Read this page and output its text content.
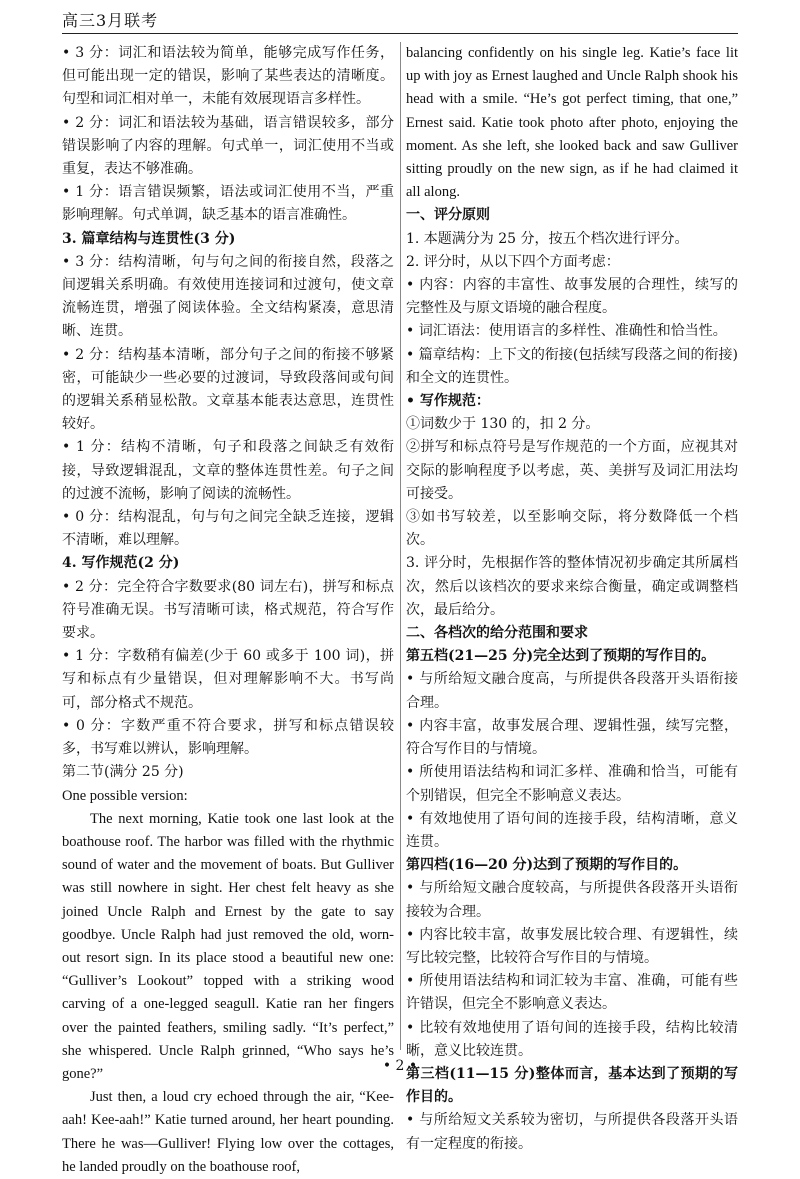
高三3月联考

• 3 分：词汇和语法较为简单，能够完成写作任务，但可能出现一定的错误，影响了某些表达的清晰度。句型和词汇相对单一，未能有效展现语言多样性。

• 2 分：词汇和语法较为基础，语言错误较多，部分错误影响了内容的理解。句式单一，词汇使用不当或重复，表达不够准确。

• 1 分：语言错误频繁，语法或词汇使用不当，严重影响理解。句式单调，缺乏基本的语言准确性。

3. 篇章结构与连贯性(3 分)

• 3 分：结构清晰，句与句之间的衔接自然，段落之间逻辑关系明确。有效使用连接词和过渡句，使文章流畅连贯，增强了阅读体验。全文结构紧凑，意思清晰、连贯。

• 2 分：结构基本清晰，部分句子之间的衔接不够紧密，可能缺少一些必要的过渡词，导致段落间或句间的逻辑关系稍显松散。文章基本能表达意思，连贯性较好。

• 1 分：结构不清晰，句子和段落之间缺乏有效衔接，导致逻辑混乱，文章的整体连贯性差。句子之间的过渡不流畅，影响了阅读的流畅性。

• 0 分：结构混乱，句与句之间完全缺乏连接，逻辑不清晰，难以理解。

4. 写作规范(2 分)

• 2 分：完全符合字数要求(80 词左右)，拼写和标点符号准确无误。书写清晰可读，格式规范，符合写作要求。

• 1 分：字数稍有偏差(少于 60 或多于 100 词)，拼写和标点有少量错误，但对理解影响不大。书写尚可，部分格式不规范。

• 0 分：字数严重不符合要求，拼写和标点错误较多，书写难以辨认，影响理解。

第二节(满分 25 分)

One possible version:

The next morning, Katie took one last look at the boathouse roof. The harbor was filled with the rhythmic sound of water and the movement of boats. But Gulliver was still nowhere in sight. Her chest felt heavy as she joined Uncle Ralph and Ernest by the gate to say goodbye. Uncle Ralph had just removed the old, worn-out resort sign. In its place stood a beautiful new one: “Gulliver’s Lookout” topped with a striking wood carving of a one-legged seagull. Katie ran her fingers over the painted feathers, smiling sadly. “It’s perfect,” she whispered. Uncle Ralph grinned, “Who says he’s gone?”

Just then, a loud cry echoed through the air, “Kee-aah! Kee-aah!” Katie turned around, her heart pounding. There he was—Gulliver! Flying low over the cottages, he landed proudly on the boathouse roof,

balancing confidently on his single leg. Katie’s face lit up with joy as Ernest laughed and Uncle Ralph shook his head with a smile. “He’s got perfect timing, that one,” Ernest said. Katie took photo after photo, enjoying the moment. As she left, she looked back and saw Gulliver sitting proudly on the new sign, as if he had claimed it all along.

一、评分原则

1. 本题满分为 25 分，按五个档次进行评分。

2. 评分时，从以下四个方面考虑：

• 内容：内容的丰富性、故事发展的合理性，续写的完整性及与原文语境的融合程度。

• 词汇语法：使用语言的多样性、准确性和恰当性。

• 篇章结构：上下文的衔接(包括续写段落之间的衔接)和全文的连贯性。

• 写作规范：

①词数少于 130 的，扣 2 分。

②拼写和标点符号是写作规范的一个方面，应视其对交际的影响程度予以考虑，英、美拼写及词汇用法均可接受。

③如书写较差，以至影响交际，将分数降低一个档次。

3. 评分时，先根据作答的整体情况初步确定其所属档次，然后以该档次的要求来综合衡量，确定或调整档次，最后给分。

二、各档次的给分范围和要求

第五档(21—25 分)完全达到了预期的写作目的。

• 与所给短文融合度高，与所提供各段落开头语衔接合理。

• 内容丰富，故事发展合理、逻辑性强，续写完整，符合写作目的与情境。

• 所使用语法结构和词汇多样、准确和恰当，可能有个别错误，但完全不影响意义表达。

• 有效地使用了语句间的连接手段，结构清晰，意义连贯。

第四档(16—20 分)达到了预期的写作目的。

• 与所给短文融合度较高，与所提供各段落开头语衔接较为合理。

• 内容比较丰富，故事发展比较合理、有逻辑性，续写比较完整，比较符合写作目的与情境。

• 所使用语法结构和词汇较为丰富、准确，可能有些许错误，但完全不影响意义表达。

• 比较有效地使用了语句间的连接手段，结构比较清晰，意义比较连贯。

第三档(11—15 分)整体而言，基本达到了预期的写作目的。

• 与所给短文关系较为密切，与所提供各段落开头语有一定程度的衔接。

• 2 •
